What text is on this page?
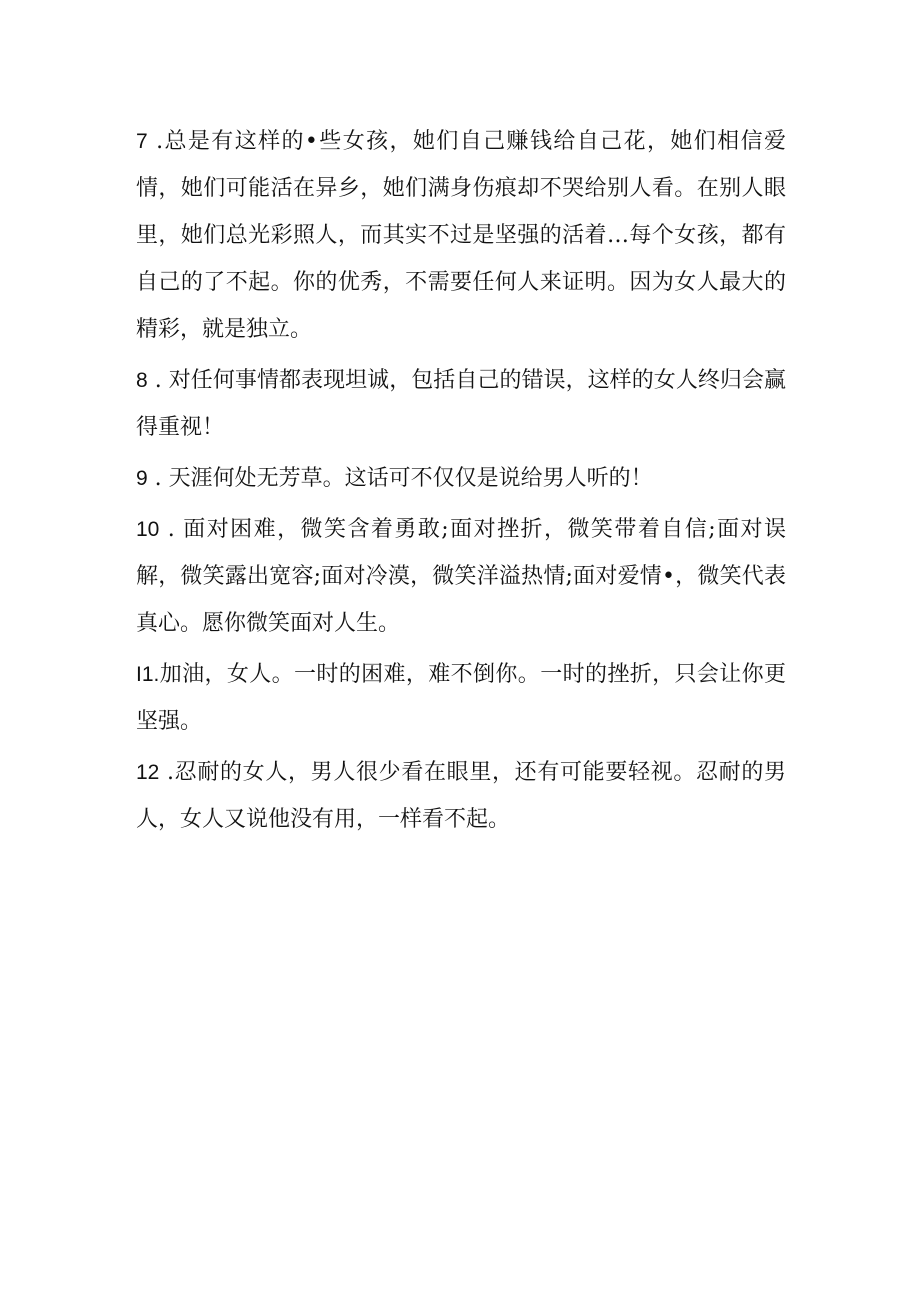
7 .总是有这样的•些女孩，她们自己赚钱给自己花，她们相信爱情，她们可能活在异乡，她们满身伤痕却不哭给别人看。在别人眼里，她们总光彩照人，而其实不过是坚强的活着…每个女孩，都有自己的了不起。你的优秀，不需要任何人来证明。因为女人最大的精彩，就是独立。

8 . 对任何事情都表现坦诚，包括自己的错误，这样的女人终归会赢得重视！

9 . 天涯何处无芳草。这话可不仅仅是说给男人听的！

10 . 面对困难，微笑含着勇敢;面对挫折，微笑带着自信;面对误解，微笑露出宽容;面对冷漠，微笑洋溢热情;面对爱情•，微笑代表真心。愿你微笑面对人生。

I1.加油，女人。一时的困难，难不倒你。一时的挫折，只会让你更坚强。

12 .忍耐的女人，男人很少看在眼里，还有可能要轻视。忍耐的男人，女人又说他没有用，一样看不起。
